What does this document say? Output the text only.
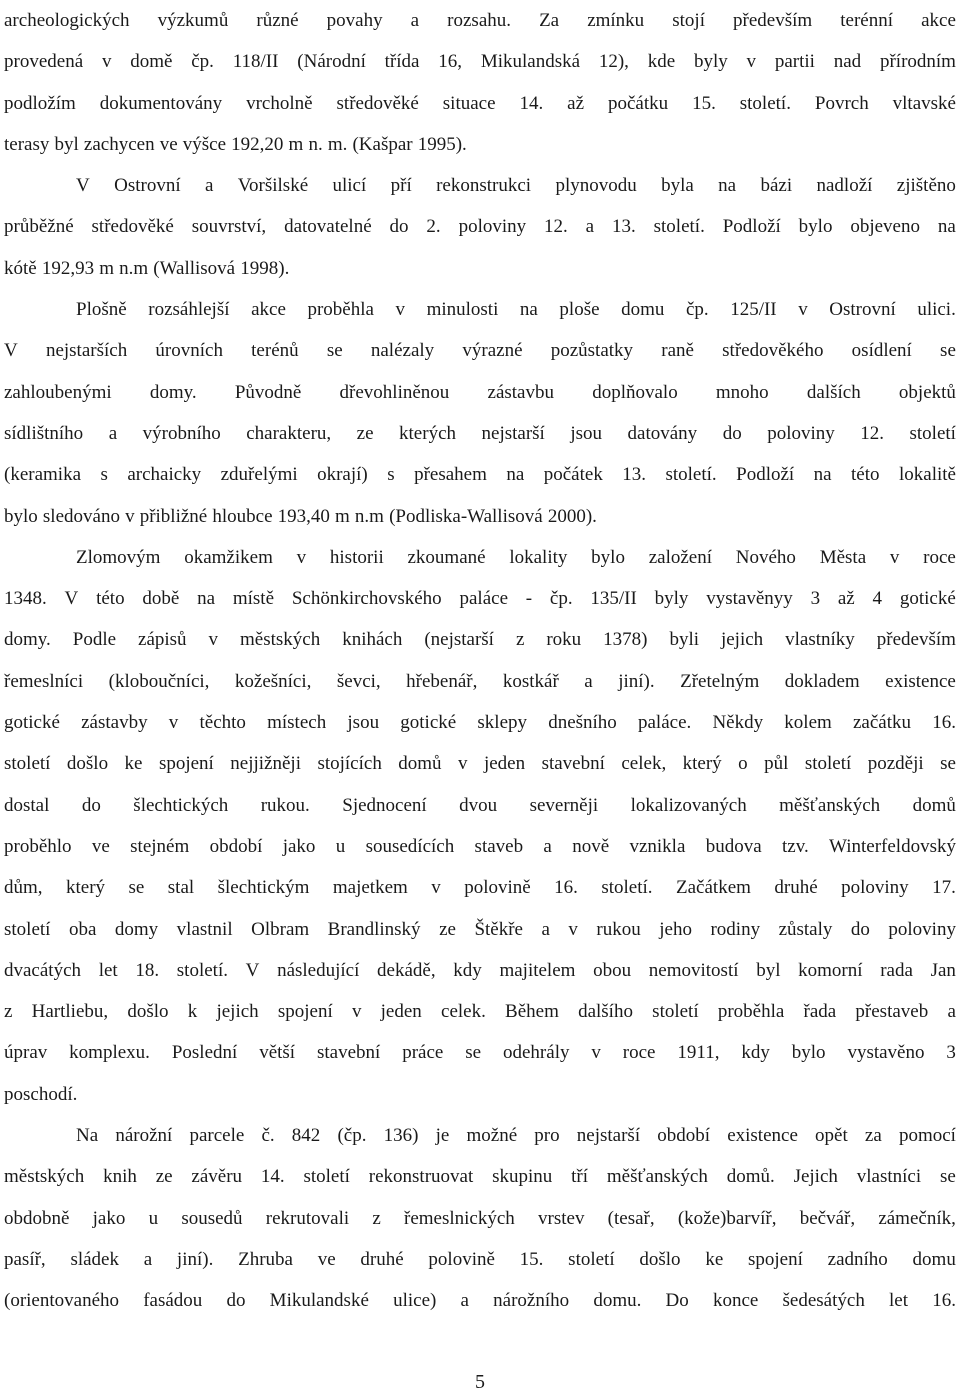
archeologických výzkumů různé povahy a rozsahu. Za zmínku stojí především terénní akce
provedená v domě čp. 118/II (Národní třída 16, Mikulandská 12), kde byly v partii nad přírodním
podložím dokumentovány vrcholně středověké situace 14. až počátku 15. století. Povrch vltavské
terasy byl zachycen ve výšce 192,20 m n. m. (Kašpar 1995).
V Ostrovní a Voršilské ulicí pří rekonstrukci plynovodu byla na bázi nadloží zjištěno
průběžné středověké souvrství, datovatelné do 2. poloviny 12. a 13. století. Podloží bylo objeveno na
kótě 192,93 m n.m (Wallisová 1998).
Plošně rozsáhlejší akce proběhla v minulosti na ploše domu čp. 125/II v Ostrovní ulici.
V nejstarších úrovních terénů se nalézaly výrazné pozůstatky raně středověkého osídlení se
zahloubenými domy. Původně dřevohliněnou zástavbu doplňovalo mnoho dalších objektů
sídlištního a výrobního charakteru, ze kterých nejstarší jsou datovány do poloviny 12. století
(keramika s archaicky zduřelými okrají) s přesahem na počátek 13. století. Podloží na této lokalitě
bylo sledováno v přibližné hloubce 193,40 m n.m (Podliska-Wallisová 2000).
Zlomovým okamžikem v historii zkoumané lokality bylo založení Nového Města v roce
1348. V této době na místě Schönkirchovského paláce - čp. 135/II byly vystavěnyy 3 až 4 gotické
domy. Podle zápisů v městských knihách (nejstarší z roku 1378) byli jejich vlastníky především
řemeslníci (kloboučníci, kožešníci, ševci, hřebenář, kostkář a jiní). Zřetelným dokladem existence
gotické zástavby v těchto místech jsou gotické sklepy dnešního paláce. Někdy kolem začátku 16.
století došlo ke spojení nejjižněji stojících domů v jeden stavební celek, který o půl století později se
dostal do šlechtických rukou. Sjednocení dvou severněji lokalizovaných měšťanských domů
proběhlo ve stejném období jako u sousedících staveb a nově vznikla budova tzv. Winterfeldovský
dům, který se stal šlechtickým majetkem v polovině 16. století. Začátkem druhé poloviny 17.
století oba domy vlastnil Olbram Brandlinský ze Štěkře a v rukou jeho rodiny zůstaly do poloviny
dvacátých let 18. století. V následující dekádě, kdy majitelem obou nemovitostí byl komorní rada Jan
z Hartliebu, došlo k jejich spojení v jeden celek. Během dalšího století proběhla řada přestaveb a
úprav komplexu. Poslední větší stavební práce se odehrály v roce 1911, kdy bylo vystavěno 3
poschodí.
Na nárožní parcele č. 842 (čp. 136) je možné pro nejstarší období existence opět za pomocí
městských knih ze závěru 14. století rekonstruovat skupinu tří měšťanských domů. Jejich vlastníci se
obdobně jako u sousedů rekrutovali z řemeslnických vrstev (tesař, (kože)barvíř, bečvář, zámečník,
pasíř, sládek a jiní). Zhruba ve druhé polovině 15. století došlo ke spojení zadního domu
(orientovaného fasádou do Mikulandské ulice) a nárožního domu. Do konce šedesátých let 16.
5
